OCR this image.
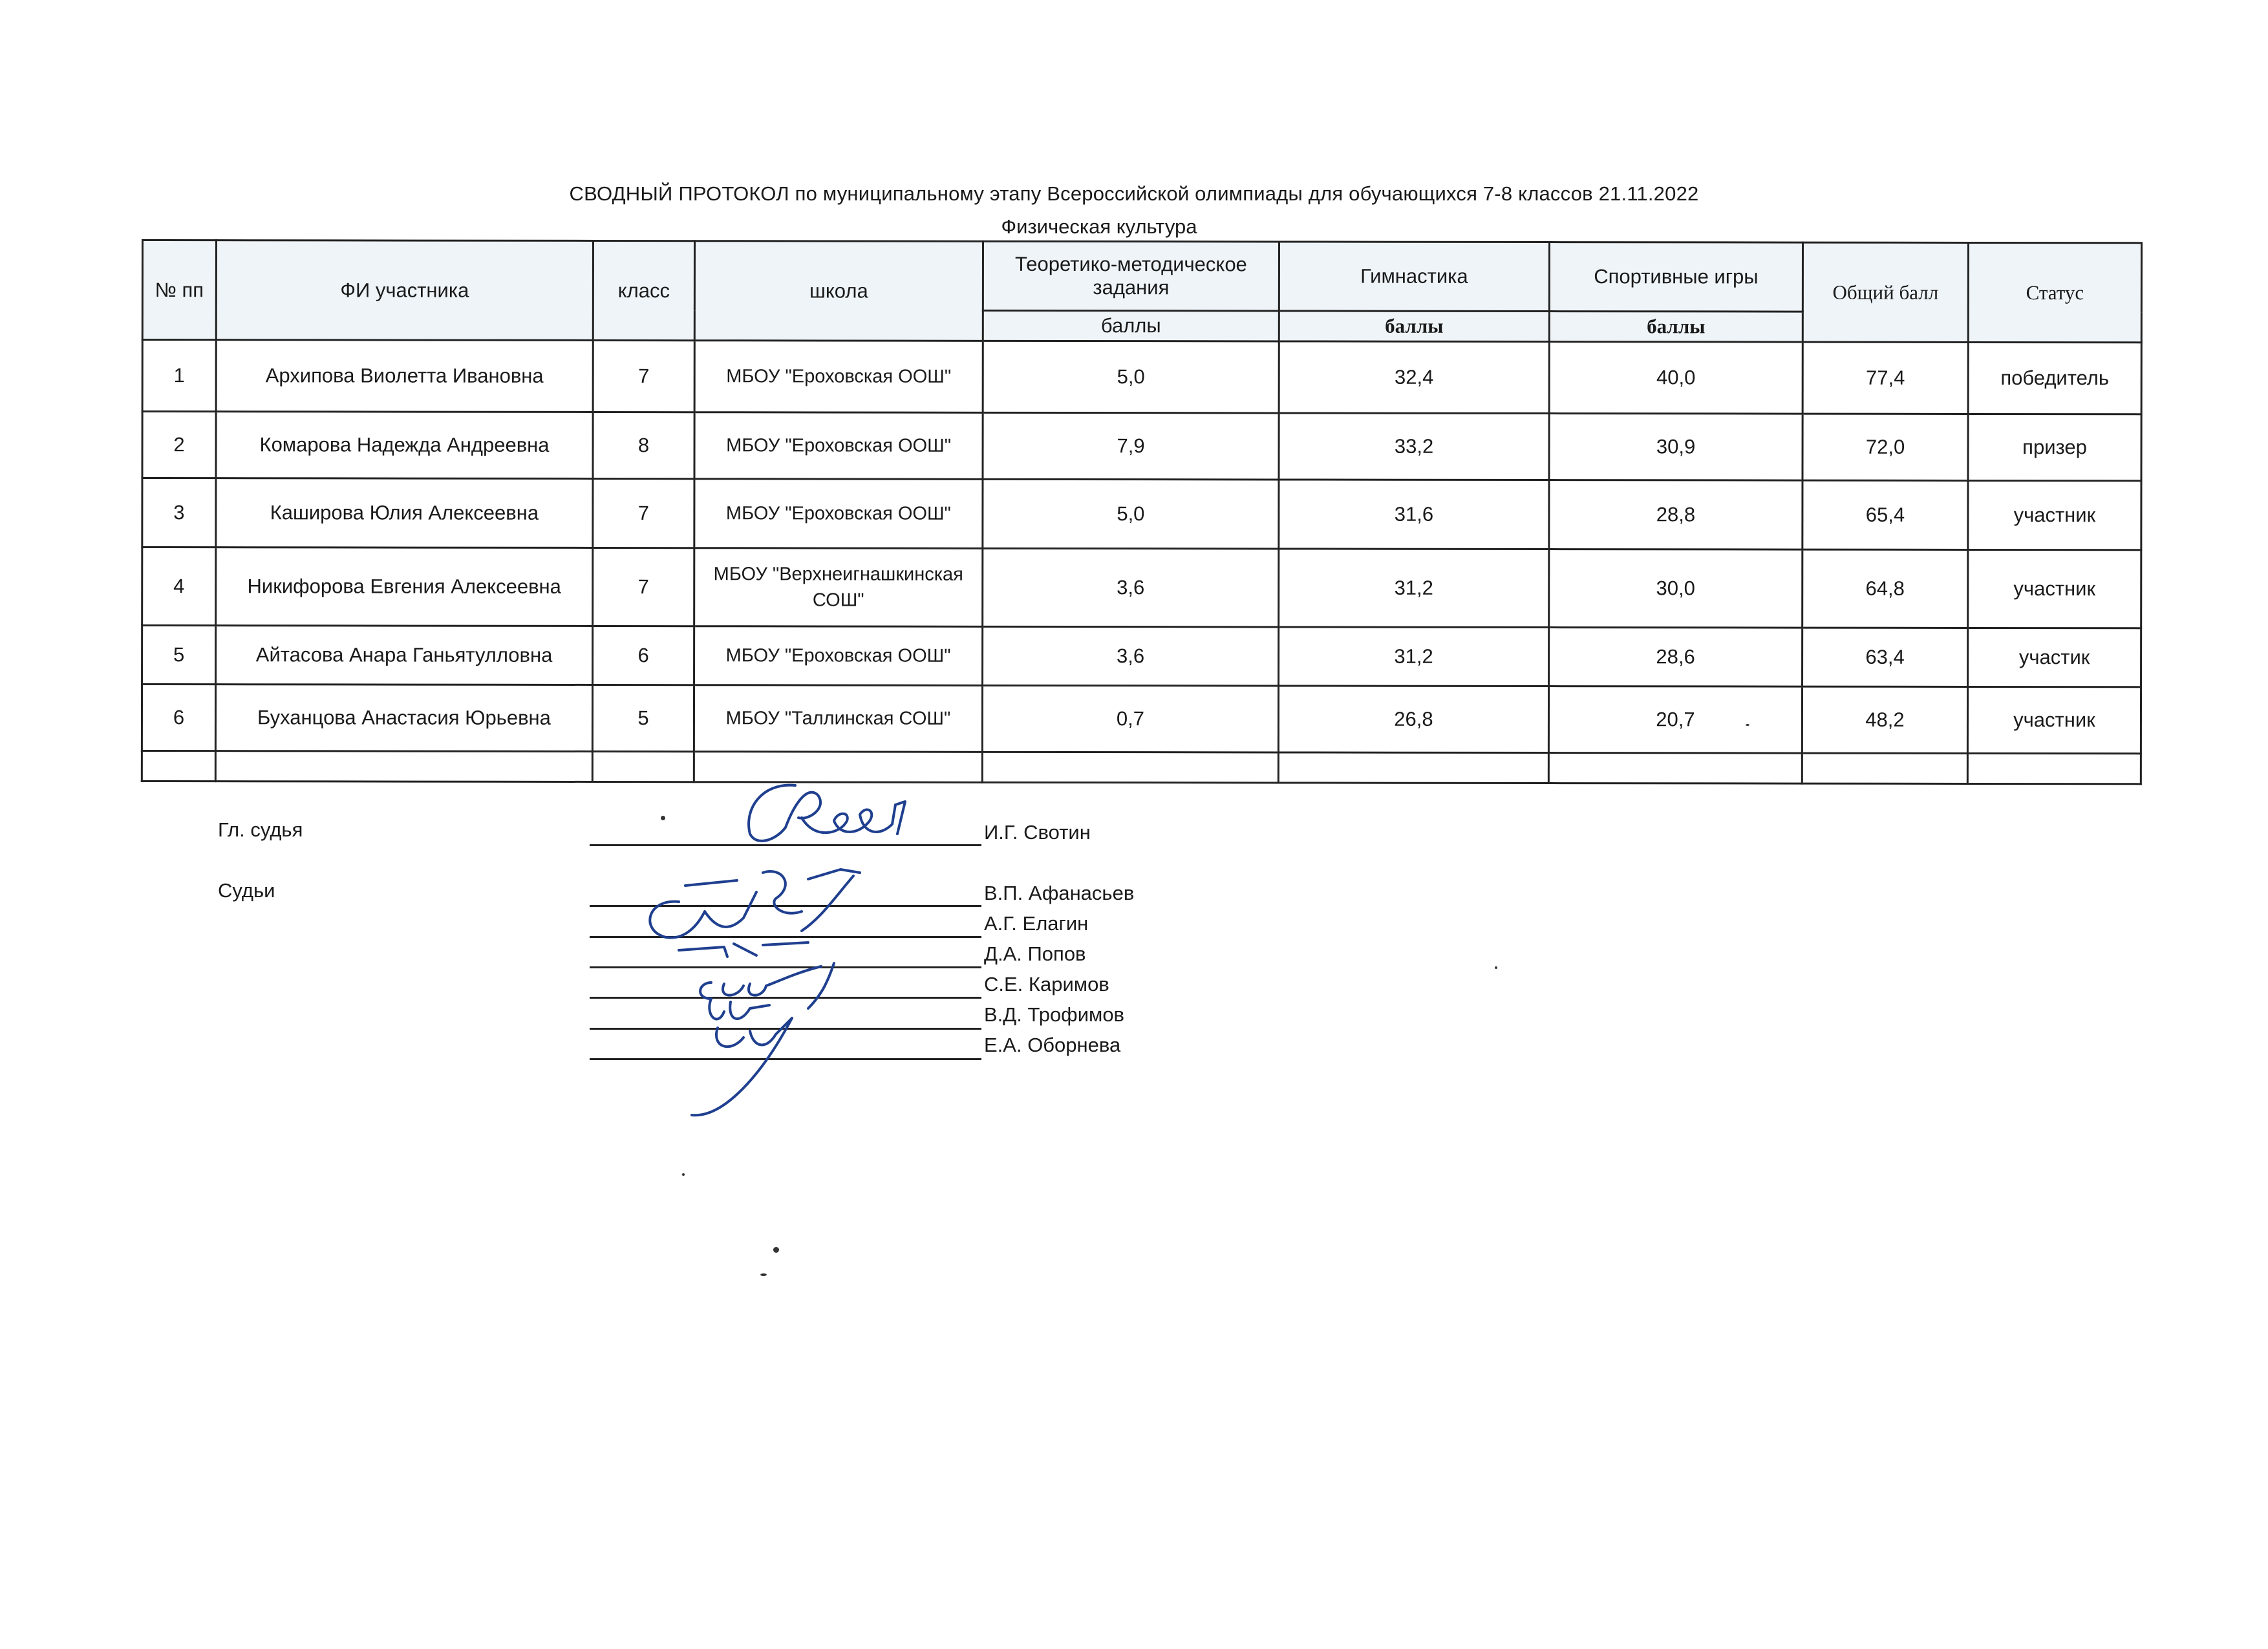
СВОДНЫЙ ПРОТОКОЛ по муниципальному этапу Всероссийской олимпиады для обучающихся 7-8 классов 21.11.2022
Физическая культура
№ пп	ФИ участника	класс	школа	Теоретико-методическое задания	Гимнастика	Спортивные игры	Общий балл	Статус
				баллы	баллы	баллы		
1	Архипова Виолетта Ивановна	7	МБОУ "Ероховская ООШ"	5,0	32,4	40,0	77,4	победитель
2	Комарова Надежда Андреевна	8	МБОУ "Ероховская ООШ"	7,9	33,2	30,9	72,0	призер
3	Каширова Юлия Алексеевна	7	МБОУ "Ероховская ООШ"	5,0	31,6	28,8	65,4	участник
4	Никифорова Евгения Алексеевна	7	МБОУ "Верхнеигнашкинская СОШ"	3,6	31,2	30,0	64,8	участник
5	Айтасова Анара Ганьятулловна	6	МБОУ "Ероховская ООШ"	3,6	31,2	28,6	63,4	участик
6	Буханцова Анастасия Юрьевна	5	МБОУ "Таллинская СОШ"	0,7	26,8	20,7	48,2	участник

Гл. судья	И.Г. Свотин
Судьи	В.П. Афанасьев
А.Г. Елагин
Д.А. Попов
С.Е. Каримов
В.Д. Трофимов
Е.А. Оборнева
